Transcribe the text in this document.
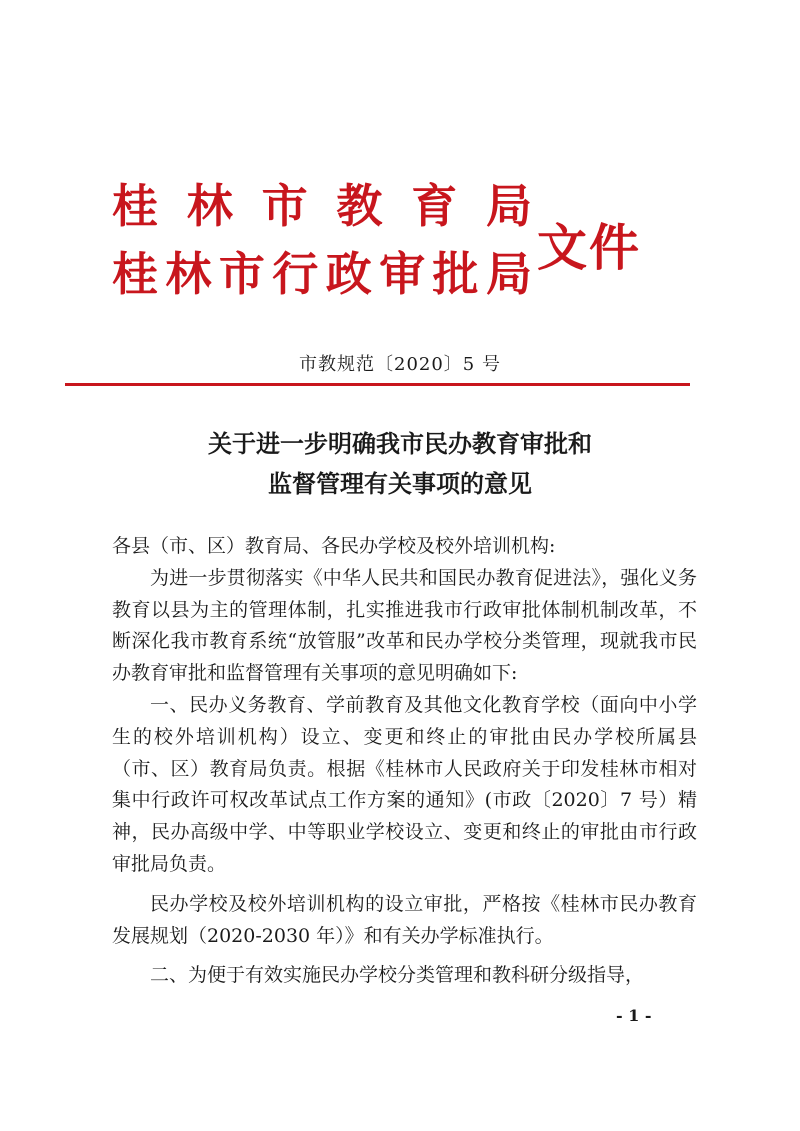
桂 林 市 教 育 局
桂 林 市 行 政 审 批 局 文件
市教规范〔2020〕5 号
关于进一步明确我市民办教育审批和
监督管理有关事项的意见

各县（市、区）教育局、各民办学校及校外培训机构:

为进一步贯彻落实《中华人民共和国民办教育促进法》，强化义务教育以县为主的管理体制，扎实推进我市行政审批体制机制改革，不断深化我市教育系统“放管服”改革和民办学校分类管理，现就我市民办教育审批和监督管理有关事项的意见明确如下:

一、民办义务教育、学前教育及其他文化教育学校（面向中小学生的校外培训机构）设立、变更和终止的审批由民办学校所属县（市、区）教育局负责。根据《桂林市人民政府关于印发桂林市相对集中行政许可权改革试点工作方案的通知》(市政〔2020〕7 号）精神，民办高级中学、中等职业学校设立、变更和终止的审批由市行政审批局负责。

民办学校及校外培训机构的设立审批，严格按《桂林市民办教育发展规划（2020-2030 年）》和有关办学标准执行。

二、为便于有效实施民办学校分类管理和教科研分级指导，

- 1 -
